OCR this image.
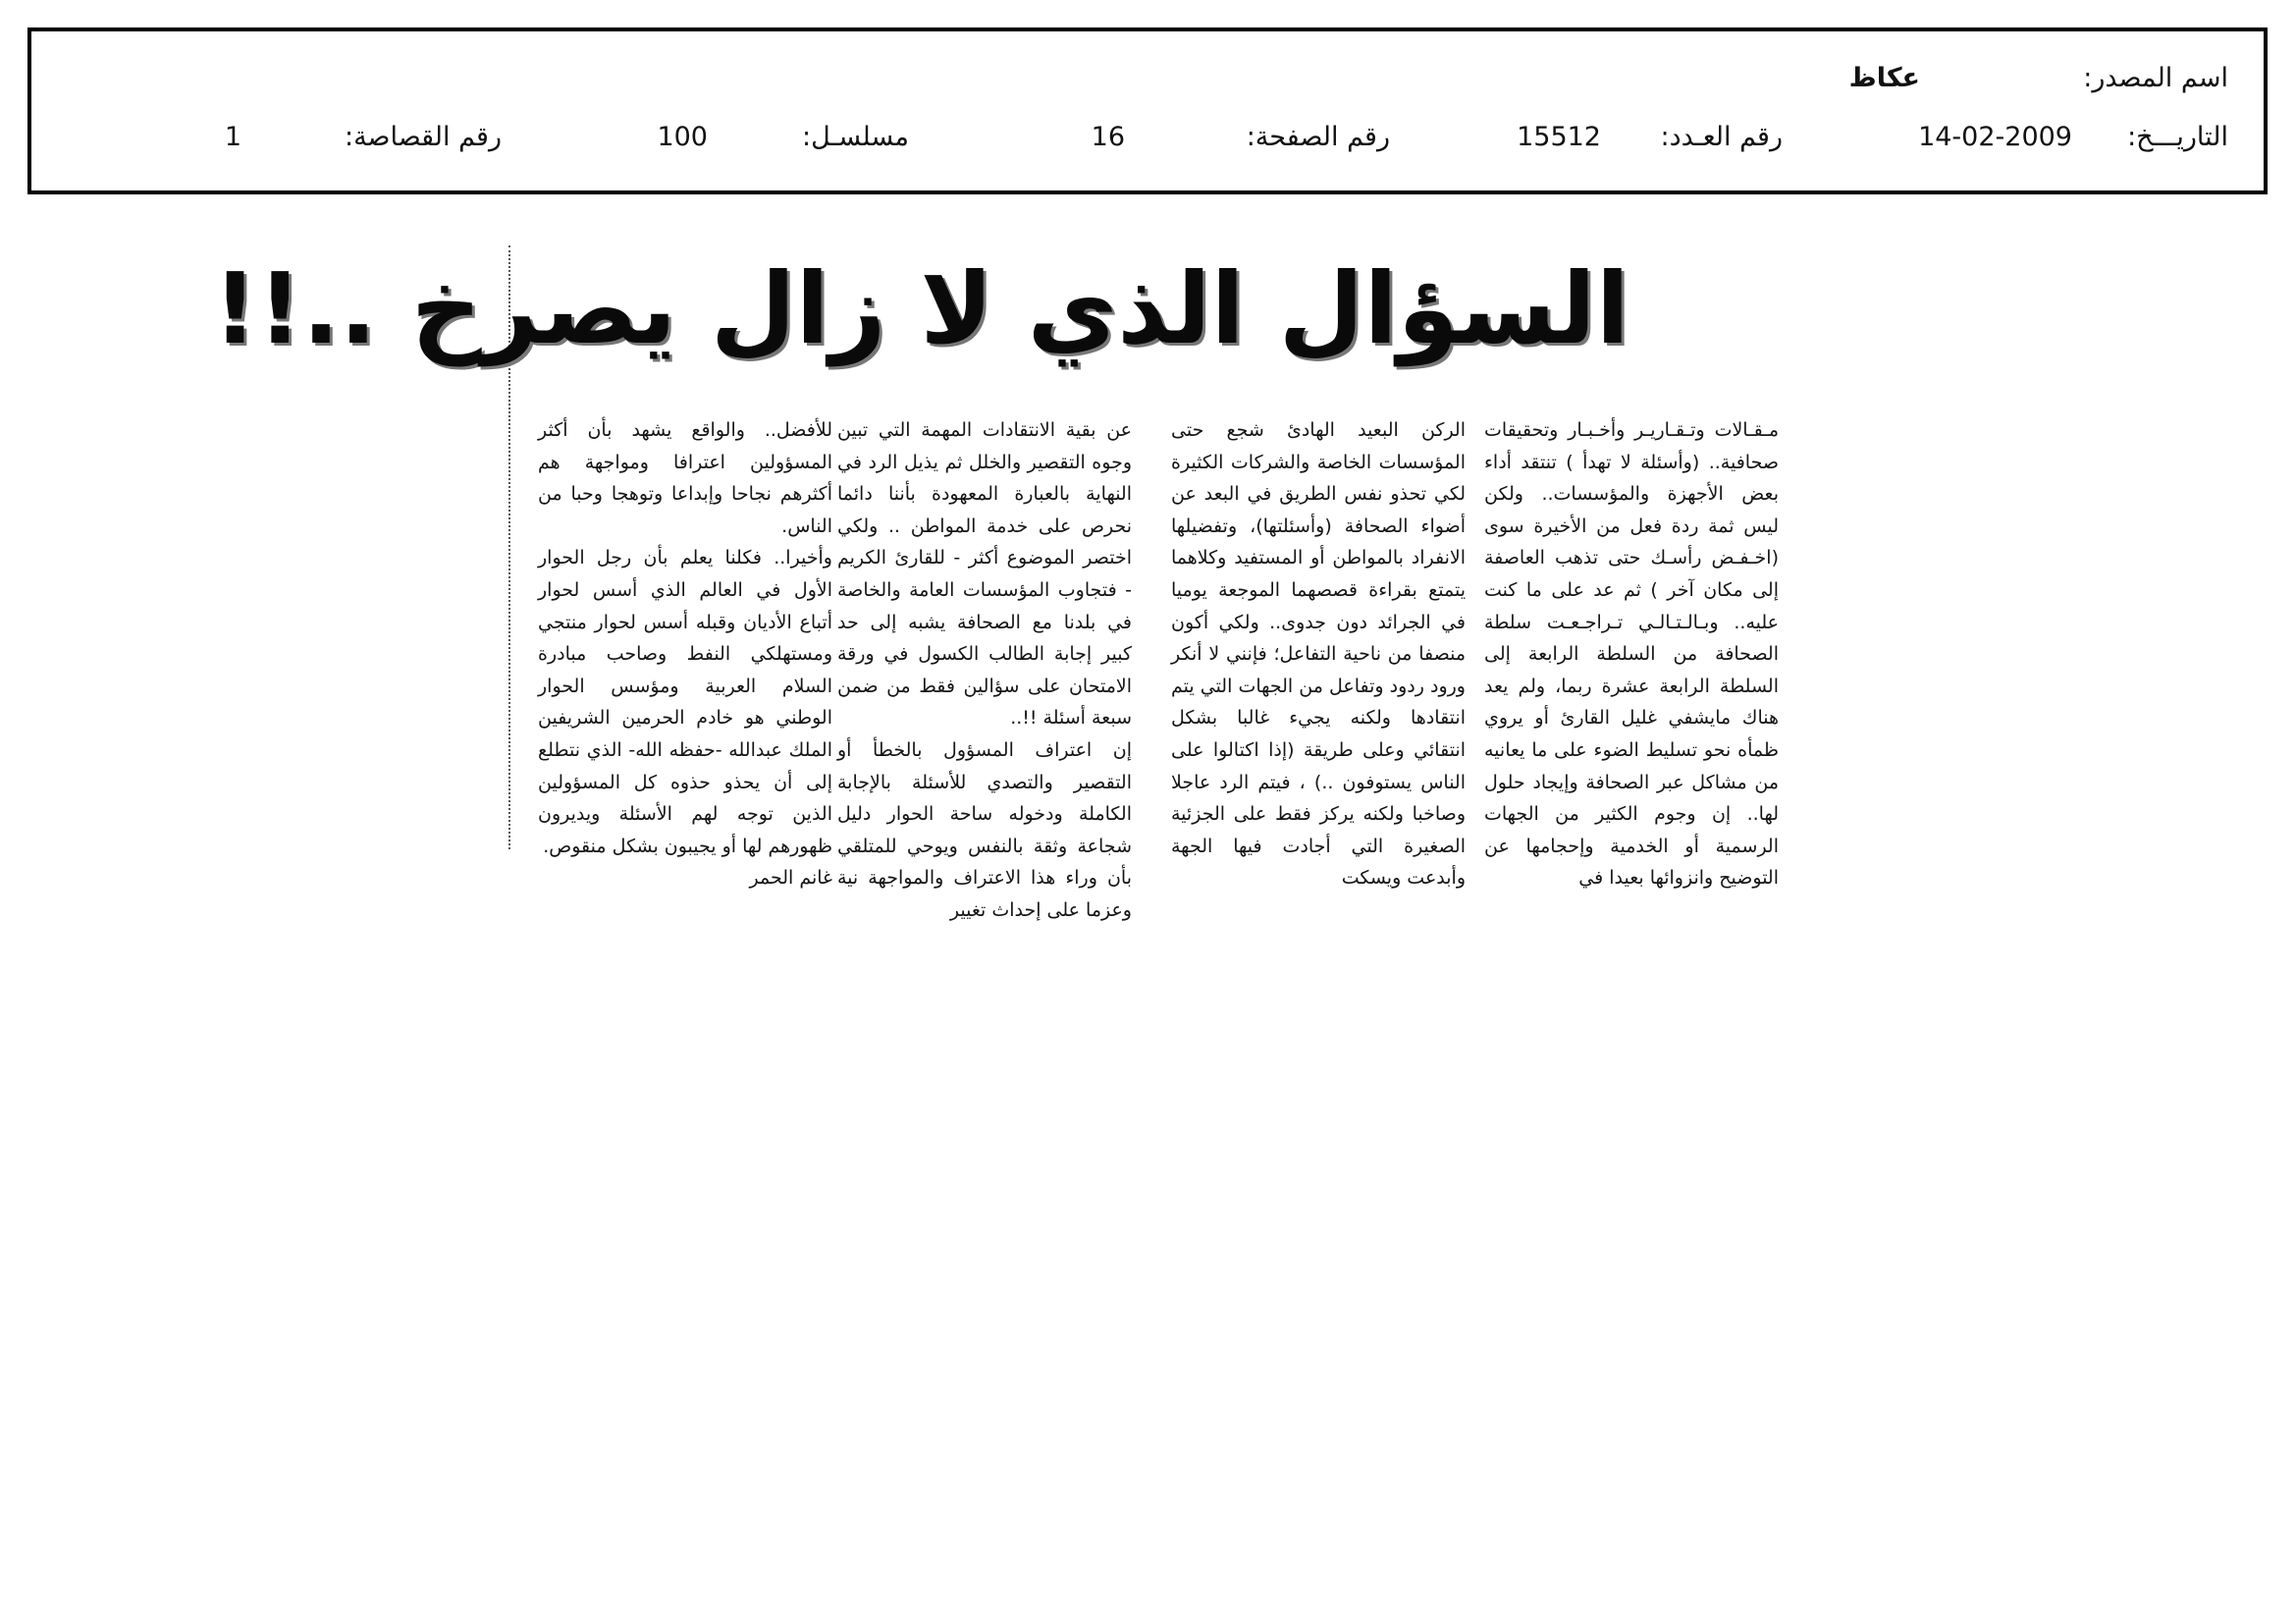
اسم المصدر:
عكاظ
التاريـــخ:
14-02-2009
رقم العـدد:
15512
رقم الصفحة:
16
مسلسـل:
100
رقم القصاصة:
1
السؤال الذي لا زال يصرخ ..!!

مـقـالات وتـقـاريـر وأخـبـار وتحقيقات صحافية.. (وأسئلة لا تهدأ ) تنتقد أداء بعض الأجهزة والمؤسسات.. ولكن ليس ثمة ردة فعل من الأخيرة سوى (اخـفـض رأسـك حتى تذهب العاصفة إلى مكان آخر ) ثم عد على ما كنت عليه.. وبـالـتـالـي تـراجـعـت سلطة الصحافة من السلطة الرابعة إلى السلطة الرابعة عشرة ربما، ولم يعد هناك مايشفي غليل القارئ أو يروي ظمأه نحو تسليط الضوء على ما يعانيه من مشاكل عبر الصحافة وإيجاد حلول لها.. إن وجوم الكثير من الجهات الرسمية أو الخدمية وإحجامها عن التوضيح وانزوائها بعيدا في

الركن البعيد الهادئ شجع حتى المؤسسات الخاصة والشركات الكثيرة لكي تحذو نفس الطريق في البعد عن أضواء الصحافة (وأسئلتها)، وتفضيلها الانفراد بالمواطن أو المستفيد وكلاهما يتمتع بقراءة قصصهما الموجعة يوميا في الجرائد دون جدوى.. ولكي أكون منصفا من ناحية التفاعل؛ فإنني لا أنكر ورود ردود وتفاعل من الجهات التي يتم انتقادها ولكنه يجيء غالبا بشكل انتقائي وعلى طريقة (إذا اكتالوا على الناس يستوفون ..) ، فيتم الرد عاجلا وصاخبا ولكنه يركز فقط على الجزئية الصغيرة التي أجادت فيها الجهة وأبدعت ويسكت

عن بقية الانتقادات المهمة التي تبين وجوه التقصير والخلل ثم يذيل الرد في النهاية بالعبارة المعهودة بأننا دائما نحرص على خدمة المواطن .. ولكي اختصر الموضوع أكثر - للقارئ الكريم - فتجاوب المؤسسات العامة والخاصة في بلدنا مع الصحافة يشبه إلى حد كبير إجابة الطالب الكسول في ورقة الامتحان على سؤالين فقط من ضمن سبعة أسئلة !!..

إن اعتراف المسؤول بالخطأ أو التقصير والتصدي للأسئلة بالإجابة الكاملة ودخوله ساحة الحوار دليل شجاعة وثقة بالنفس ويوحي للمتلقي بأن وراء هذا الاعتراف والمواجهة نية وعزما على إحداث تغيير

للأفضل.. والواقع يشهد بأن أكثر المسؤولين اعترافا ومواجهة هم أكثرهم نجاحا وإبداعا وتوهجا وحبا من الناس.

وأخيرا.. فكلنا يعلم بأن رجل الحوار الأول في العالم الذي أسس لحوار أتباع الأديان وقبله أسس لحوار منتجي ومستهلكي النفط وصاحب مبادرة السلام العربية ومؤسس الحوار الوطني هو خادم الحرمين الشريفين الملك عبدالله -حفظه الله- الذي نتطلع إلى أن يحذو حذوه كل المسؤولين الذين توجه لهم الأسئلة ويديرون ظهورهم لها أو يجيبون بشكل منقوص.

غانم الحمر
